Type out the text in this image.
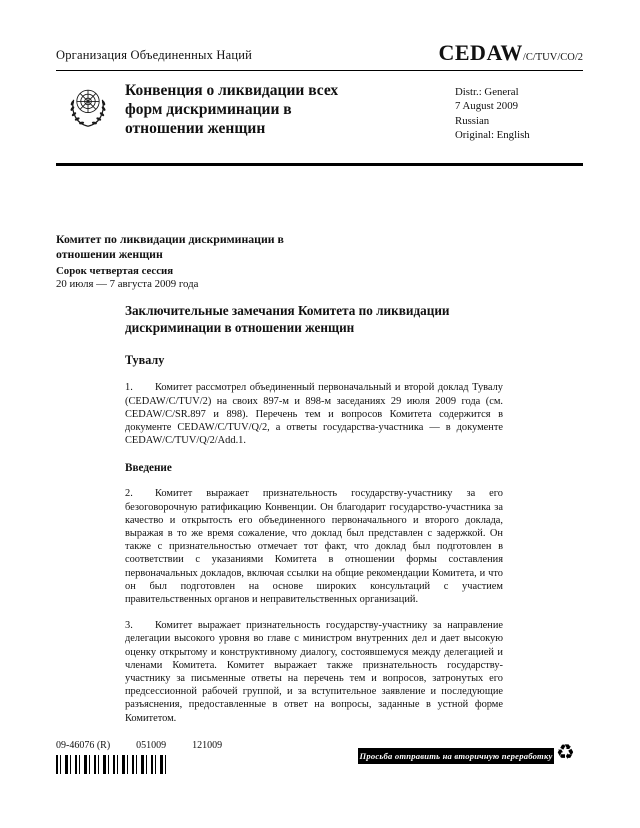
Организация Объединенных Наций	CEDAW/C/TUV/CO/2
Конвенция о ликвидации всех форм дискриминации в отношении женщин
Distr.: General
7 August 2009
Russian
Original: English
Комитет по ликвидации дискриминации в отношении женщин
Сорок четвертая сессия
20 июля — 7 августа 2009 года
Заключительные замечания Комитета по ликвидации дискриминации в отношении женщин
Тувалу
1. Комитет рассмотрел объединенный первоначальный и второй доклад Тувалу (CEDAW/C/TUV/2) на своих 897-м и 898-м заседаниях 29 июля 2009 года (см. CEDAW/C/SR.897 и 898). Перечень тем и вопросов Комитета содержится в документе CEDAW/C/TUV/Q/2, а ответы государства-участника — в документе CEDAW/C/TUV/Q/2/Add.1.
Введение
2. Комитет выражает признательность государству-участнику за его безоговорочную ратификацию Конвенции. Он благодарит государство-участника за качество и открытость его объединенного первоначального и второго доклада, выражая в то же время сожаление, что доклад был представлен с задержкой. Он также с признательностью отмечает тот факт, что доклад был подготовлен в соответствии с указаниями Комитета в отношении формы составления первоначальных докладов, включая ссылки на общие рекомендации Комитета, и что он был подготовлен на основе широких консультаций с участием правительственных органов и неправительственных организаций.
3. Комитет выражает признательность государству-участнику за направление делегации высокого уровня во главе с министром внутренних дел и дает высокую оценку открытому и конструктивному диалогу, состоявшемуся между делегацией и членами Комитета. Комитет выражает также признательность государству-участнику за письменные ответы на перечень тем и вопросов, затронутых его предсессионной рабочей группой, и за вступительное заявление и последующие разъяснения, предоставленные в ответ на вопросы, заданные в устной форме Комитетом.
09-46076 (R)	051009	121009
Просьба отправить на вторичную переработку ♻
